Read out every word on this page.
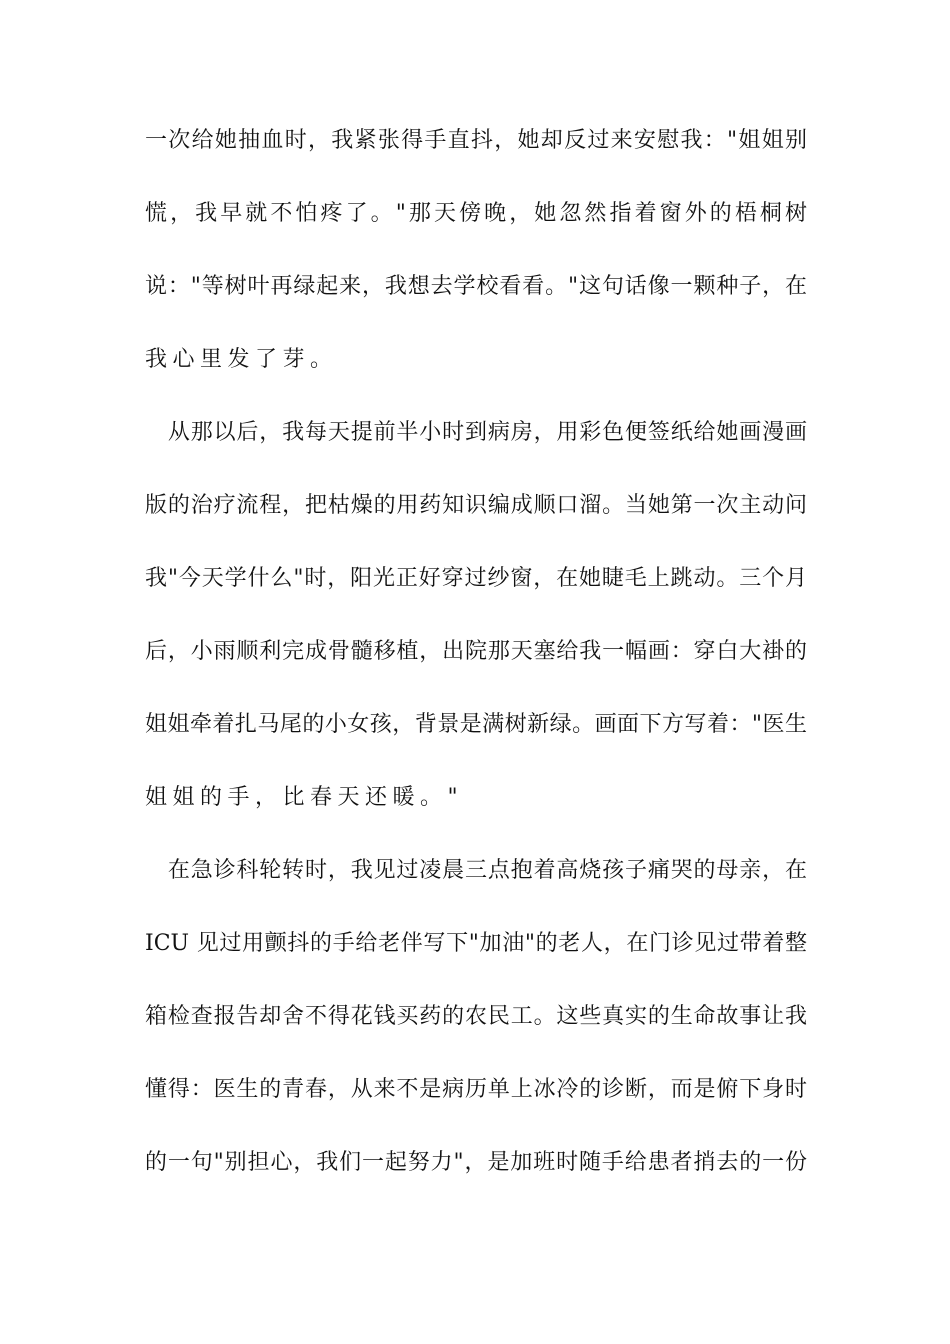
一次给她抽血时，我紧张得手直抖，她却反过来安慰我："姐姐别
慌，我早就不怕疼了。"那天傍晚，她忽然指着窗外的梧桐树
说："等树叶再绿起来，我想去学校看看。"这句话像一颗种子，在
我心里发了芽。
　从那以后，我每天提前半小时到病房，用彩色便签纸给她画漫画
版的治疗流程，把枯燥的用药知识编成顺口溜。当她第一次主动问
我"今天学什么"时，阳光正好穿过纱窗，在她睫毛上跳动。三个月
后，小雨顺利完成骨髓移植，出院那天塞给我一幅画：穿白大褂的
姐姐牵着扎马尾的小女孩，背景是满树新绿。画面下方写着："医生
姐姐的手，比春天还暖。"
　在急诊科轮转时，我见过凌晨三点抱着高烧孩子痛哭的母亲，在
ICU 见过用颤抖的手给老伴写下"加油"的老人，在门诊见过带着整
箱检查报告却舍不得花钱买药的农民工。这些真实的生命故事让我
懂得：医生的青春，从来不是病历单上冰冷的诊断，而是俯下身时
的一句"别担心，我们一起努力"，是加班时随手给患者捎去的一份
